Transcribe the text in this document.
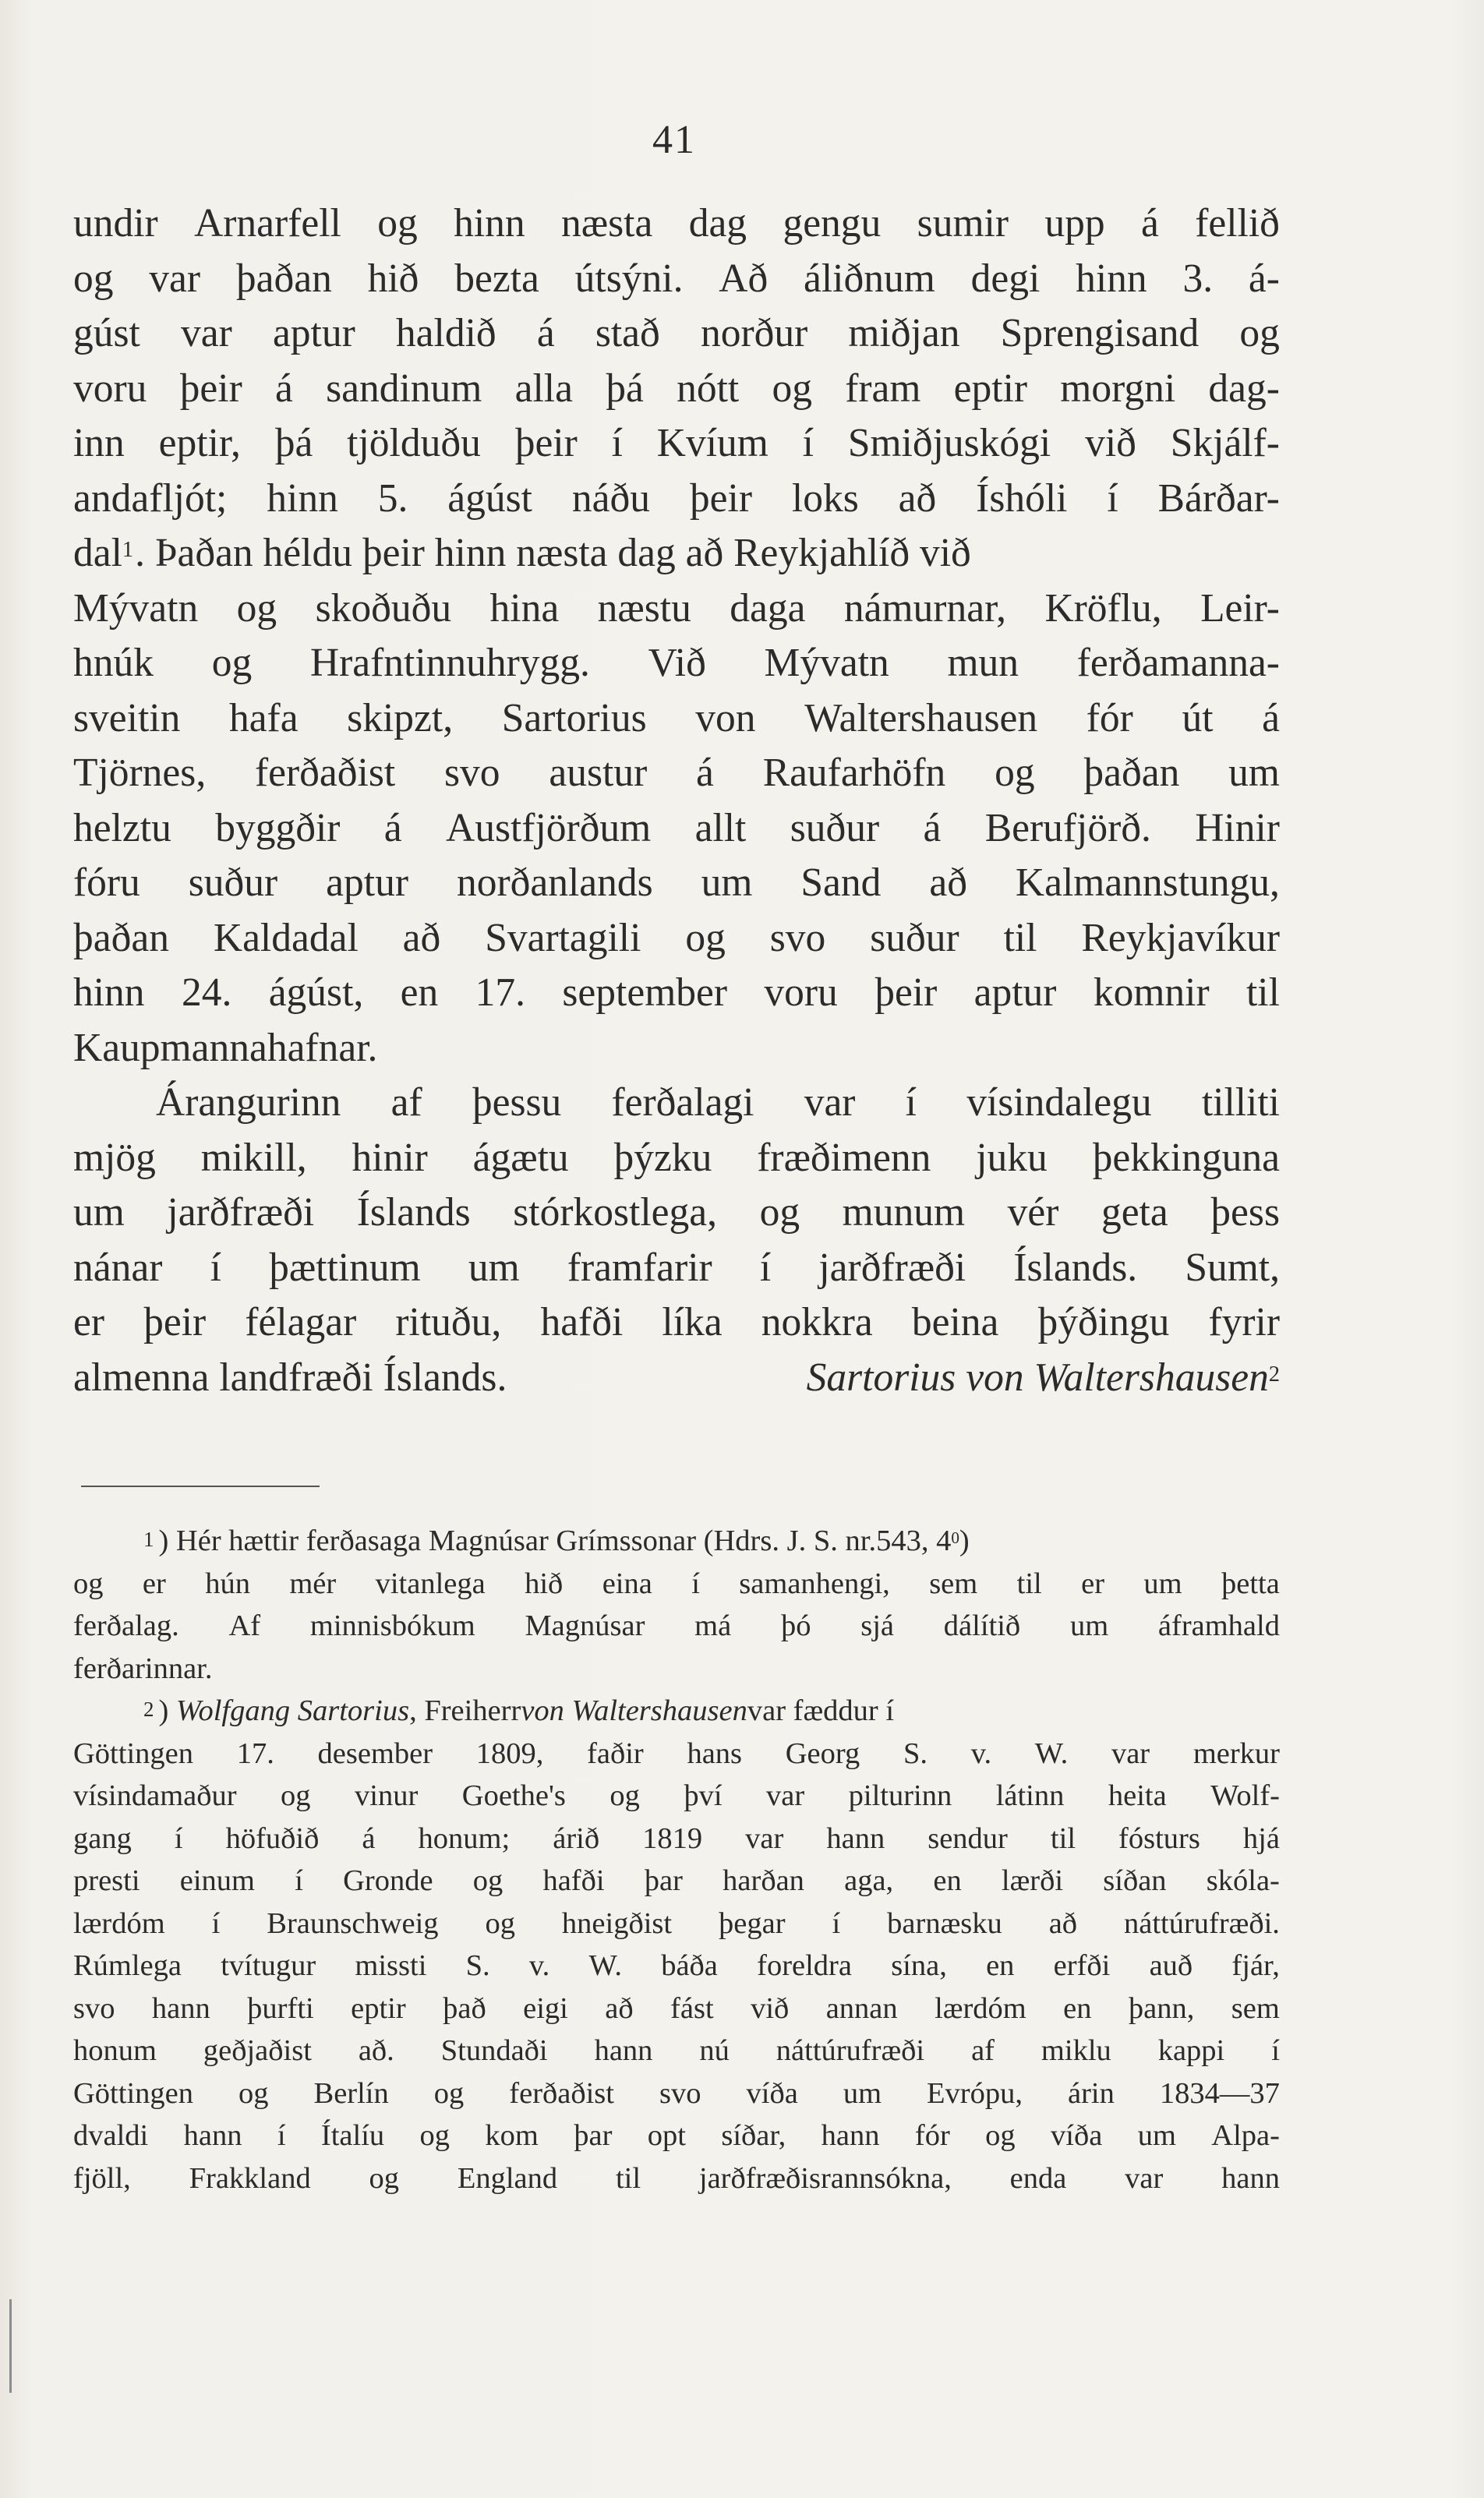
41
undir Arnarfell og hinn næsta dag gengu sumir upp á fellið
og var þaðan hið bezta útsýni. Að áliðnum degi hinn 3. á-
gúst var aptur haldið á stað norður miðjan Sprengisand og
voru þeir á sandinum alla þá nótt og fram eptir morgni dag-
inn eptir, þá tjölduðu þeir í Kvíum í Smiðjuskógi við Skjálf-
andafljót; hinn 5. ágúst náðu þeir loks að Íshóli í Bárðar-
dal$^1$ . Þaðan héldu þeir hinn næsta dag að Reykjahlíð við
Mývatn og skoðuðu hina næstu daga námurnar, Kröflu, Leir-
hnúk og Hrafntinnuhrygg. Við Mývatn mun ferðamanna-
sveitin hafa skipzt, Sartorius von Waltershausen fór út á
Tjörnes, ferðaðist svo austur á Raufarhöfn og þaðan um
helztu byggðir á Austfjörðum allt suður á Berufjörð. Hinir
fóru suður aptur norðanlands um Sand að Kalmannstungu,
þaðan Kaldadal að Svartagili og svo suður til Reykjavíkur
hinn 24. ágúst, en 17. september voru þeir aptur komnir til
Kaupmannahafnar.
Árangurinn af þessu ferðalagi var í vísindalegu tilliti
mjög mikill, hinir ágætu þýzku fræðimenn juku þekkinguna
um jarðfræði Íslands stórkostlega, og munum vér geta þess
nánar í þættinum um framfarir í jarðfræði Íslands. Sumt,
er þeir félagar rituðu, hafði líka nokkra beina þýðingu fyrir
almenna landfræði Íslands.	Sartorius von Waltershausen$^2$
1 ) Hér hættir ferðasaga Magnúsar Grímssonar (Hdrs. J. S. nr.543, $4^0$)
og er hún mér vitanlega hið eina í samanhengi, sem til er um þetta
ferðalag. Af minnisbókum Magnúsar má þó sjá dálítið um áframhald
ferðarinnar.
2 ) Wolfgang Sartorius, Freiherrvon Waltershausenvar fæddur í
Göttingen 17. desember 1809, faðir hans Georg S. v. W. var merkur
vísindamaður og vinur Goethe's og því var pilturinn látinn heita Wolf-
gang í höfuðið á honum; árið 1819 var hann sendur til fósturs hjá
presti einum í Gronde og hafði þar harðan aga, en lærði síðan skóla-
lærdóm í Braunschweig og hneigðist þegar í barnæsku að náttúrufræði.
Rúmlega tvítugur missti S. v. W. báða foreldra sína, en erfði auð fjár,
svo hann þurfti eptir það eigi að fást við annan lærdóm en þann, sem
honum geðjaðist að. Stundaði hann nú náttúrufræði af miklu kappi í
Göttingen og Berlín og ferðaðist svo víða um Evrópu, árin 1834—37
dvaldi hann í Ítalíu og kom þar opt síðar, hann fór og víða um Alpa-
fjöll, Frakkland og England til jarðfræðisrannsókna, enda var hann
